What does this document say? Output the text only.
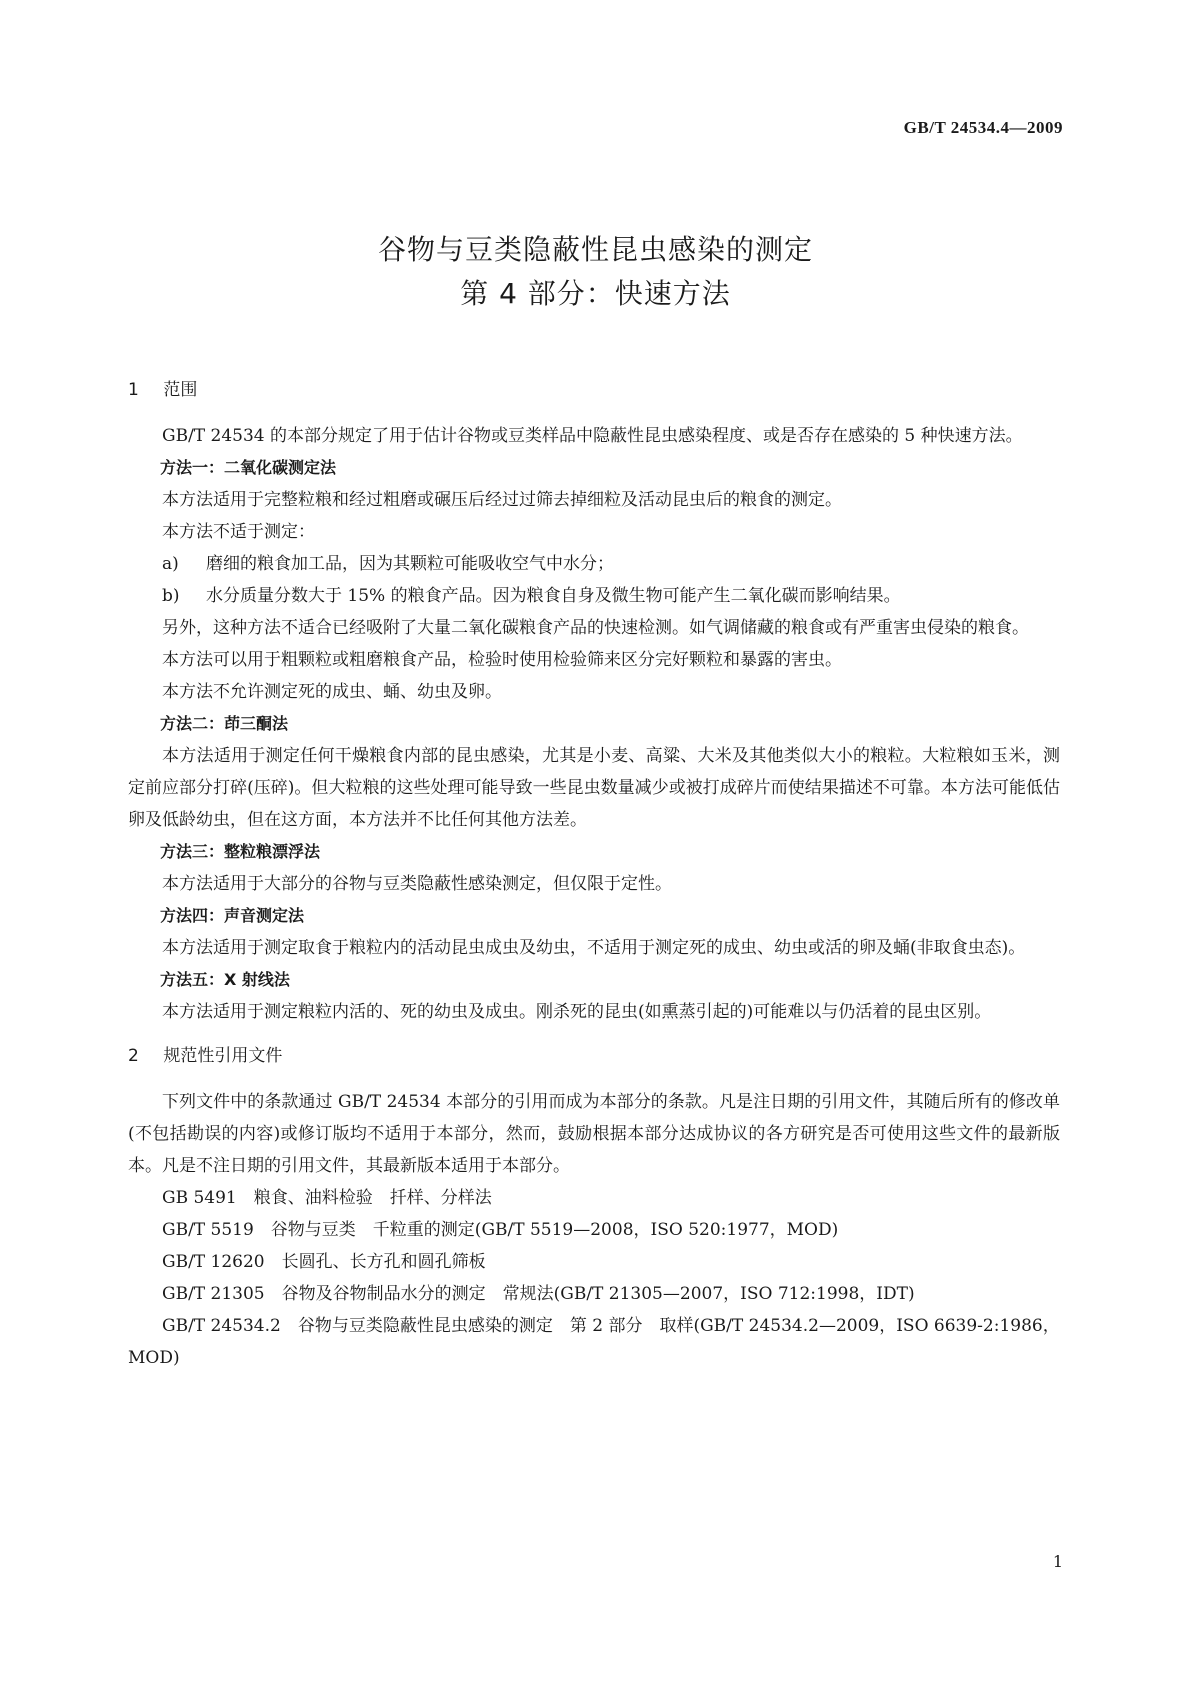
GB/T 24534.4—2009
谷物与豆类隐蔽性昆虫感染的测定
第 4 部分：快速方法
1 范围

GB/T 24534 的本部分规定了用于估计谷物或豆类样品中隐蔽性昆虫感染程度、或是否存在感染的 5 种快速方法。

方法一：二氧化碳测定法

本方法适用于完整粒粮和经过粗磨或碾压后经过过筛去掉细粒及活动昆虫后的粮食的测定。

本方法不适于测定：

a) 磨细的粮食加工品，因为其颗粒可能吸收空气中水分；

b) 水分质量分数大于 15% 的粮食产品。因为粮食自身及微生物可能产生二氧化碳而影响结果。

另外，这种方法不适合已经吸附了大量二氧化碳粮食产品的快速检测。如气调储藏的粮食或有严重害虫侵染的粮食。

本方法可以用于粗颗粒或粗磨粮食产品，检验时使用检验筛来区分完好颗粒和暴露的害虫。

本方法不允许测定死的成虫、蛹、幼虫及卵。

方法二：茚三酮法

本方法适用于测定任何干燥粮食内部的昆虫感染，尤其是小麦、高粱、大米及其他类似大小的粮粒。大粒粮如玉米，测定前应部分打碎(压碎)。但大粒粮的这些处理可能导致一些昆虫数量减少或被打成碎片而使结果描述不可靠。本方法可能低估卵及低龄幼虫，但在这方面，本方法并不比任何其他方法差。

方法三：整粒粮漂浮法

本方法适用于大部分的谷物与豆类隐蔽性感染测定，但仅限于定性。

方法四：声音测定法

本方法适用于测定取食于粮粒内的活动昆虫成虫及幼虫，不适用于测定死的成虫、幼虫或活的卵及蛹(非取食虫态)。

方法五：X 射线法

本方法适用于测定粮粒内活的、死的幼虫及成虫。刚杀死的昆虫(如熏蒸引起的)可能难以与仍活着的昆虫区别。

2 规范性引用文件

下列文件中的条款通过 GB/T 24534 本部分的引用而成为本部分的条款。凡是注日期的引用文件，其随后所有的修改单(不包括勘误的内容)或修订版均不适用于本部分，然而，鼓励根据本部分达成协议的各方研究是否可使用这些文件的最新版本。凡是不注日期的引用文件，其最新版本适用于本部分。

GB 5491　粮食、油料检验　扦样、分样法

GB/T 5519　谷物与豆类　千粒重的测定(GB/T 5519—2008，ISO 520:1977，MOD)

GB/T 12620　长圆孔、长方孔和圆孔筛板

GB/T 21305　谷物及谷物制品水分的测定　常规法(GB/T 21305—2007，ISO 712:1998，IDT)

GB/T 24534.2　谷物与豆类隐蔽性昆虫感染的测定　第 2 部分　取样(GB/T 24534.2—2009，ISO 6639-2:1986，MOD)

1
